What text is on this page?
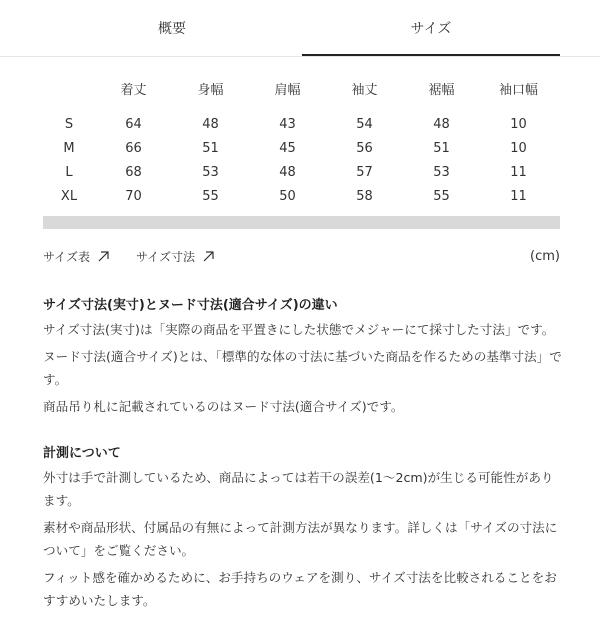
概要	サイズ
	着丈	身幅	肩幅	袖丈	裾幅	袖口幅
S	64	48	43	54	48	10
M	66	51	45	56	51	10
L	68	53	48	57	53	11
XL	70	55	50	58	55	11
サイズ表	サイズ寸法	(cm)
サイズ寸法(実寸)とヌード寸法(適合サイズ)の違い

サイズ寸法(実寸)は「実際の商品を平置きにした状態でメジャーにて採寸した寸法」です。

ヌード寸法(適合サイズ)とは、「標準的な体の寸法に基づいた商品を作るための基準寸法」です。

商品吊り札に記載されているのはヌード寸法(適合サイズ)です。

計測について

外寸は手で計測しているため、商品によっては若干の誤差(1〜2cm)が生じる可能性があります。

素材や商品形状、付属品の有無によって計測方法が異なります。詳しくは「サイズの寸法について」をご覧ください。

フィット感を確かめるために、お手持ちのウェアを測り、サイズ寸法を比較されることをおすすめいたします。
